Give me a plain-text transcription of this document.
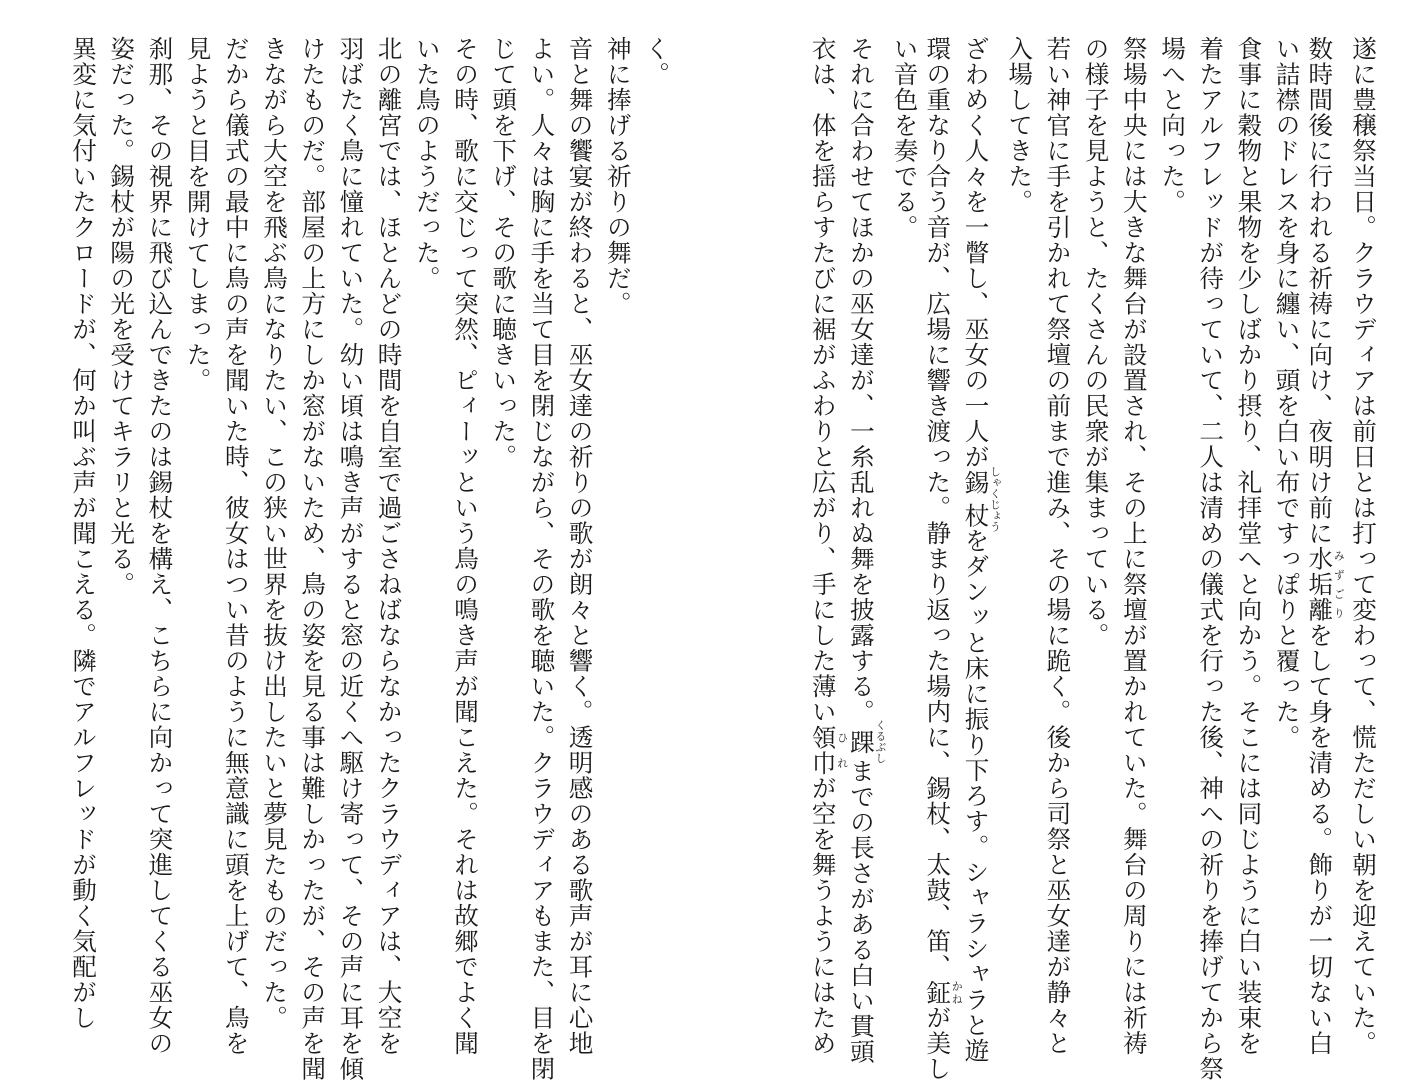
遂に豊穣祭当日。クラウディアは前日とは打って変わって、慌ただしい朝を迎えていた。
数時間後に行われる祈祷に向け、夜明け前に水垢離みずごりをして身を清める。飾りが一切ない白
い詰襟のドレスを身に纏い、頭を白い布ですっぽりと覆った。
食事に穀物と果物を少しばかり摂り、礼拝堂へと向かう。そこには同じように白い装束を
着たアルフレッドが待っていて、二人は清めの儀式を行った後、神への祈りを捧げてから祭
場へと向った。
祭場中央には大きな舞台が設置され、その上に祭壇が置かれていた。舞台の周りには祈祷
の様子を見ようと、たくさんの民衆が集まっている。
若い神官に手を引かれて祭壇の前まで進み、その場に跪く。後から司祭と巫女達が静々と
入場してきた。
ざわめく人々を一瞥し、巫女の一人が錫杖しゃくじょうをダンッと床に振り下ろす。シャラシャラと遊
環の重なり合う音が、広場に響き渡った。静まり返った場内に、錫杖、太鼓、笛、鉦かねが美し
い音色を奏でる。
それに合わせてほかの巫女達が、一糸乱れぬ舞を披露する。踝くるぶしまでの長さがある白い貫頭
衣は、体を揺らすたびに裾がふわりと広がり、手にした薄い領巾ひれが空を舞うようにはため
く。
神に捧げる祈りの舞だ。
音と舞の饗宴が終わると、巫女達の祈りの歌が朗々と響く。透明感のある歌声が耳に心地
よい。人々は胸に手を当て目を閉じながら、その歌を聴いた。クラウディアもまた、目を閉
じて頭を下げ、その歌に聴きいった。
その時、歌に交じって突然、ピィーッという鳥の鳴き声が聞こえた。それは故郷でよく聞
いた鳥のようだった。
北の離宮では、ほとんどの時間を自室で過ごさねばならなかったクラウディアは、大空を
羽ばたく鳥に憧れていた。幼い頃は鳴き声がすると窓の近くへ駆け寄って、その声に耳を傾
けたものだ。部屋の上方にしか窓がないため、鳥の姿を見る事は難しかったが、その声を聞
きながら大空を飛ぶ鳥になりたい、この狭い世界を抜け出したいと夢見たものだった。
だから儀式の最中に鳥の声を聞いた時、彼女はつい昔のように無意識に頭を上げて、鳥を
見ようと目を開けてしまった。
刹那、その視界に飛び込んできたのは錫杖を構え、こちらに向かって突進してくる巫女の
姿だった。錫杖が陽の光を受けてキラリと光る。
異変に気付いたクロードが、何か叫ぶ声が聞こえる。隣でアルフレッドが動く気配がし
